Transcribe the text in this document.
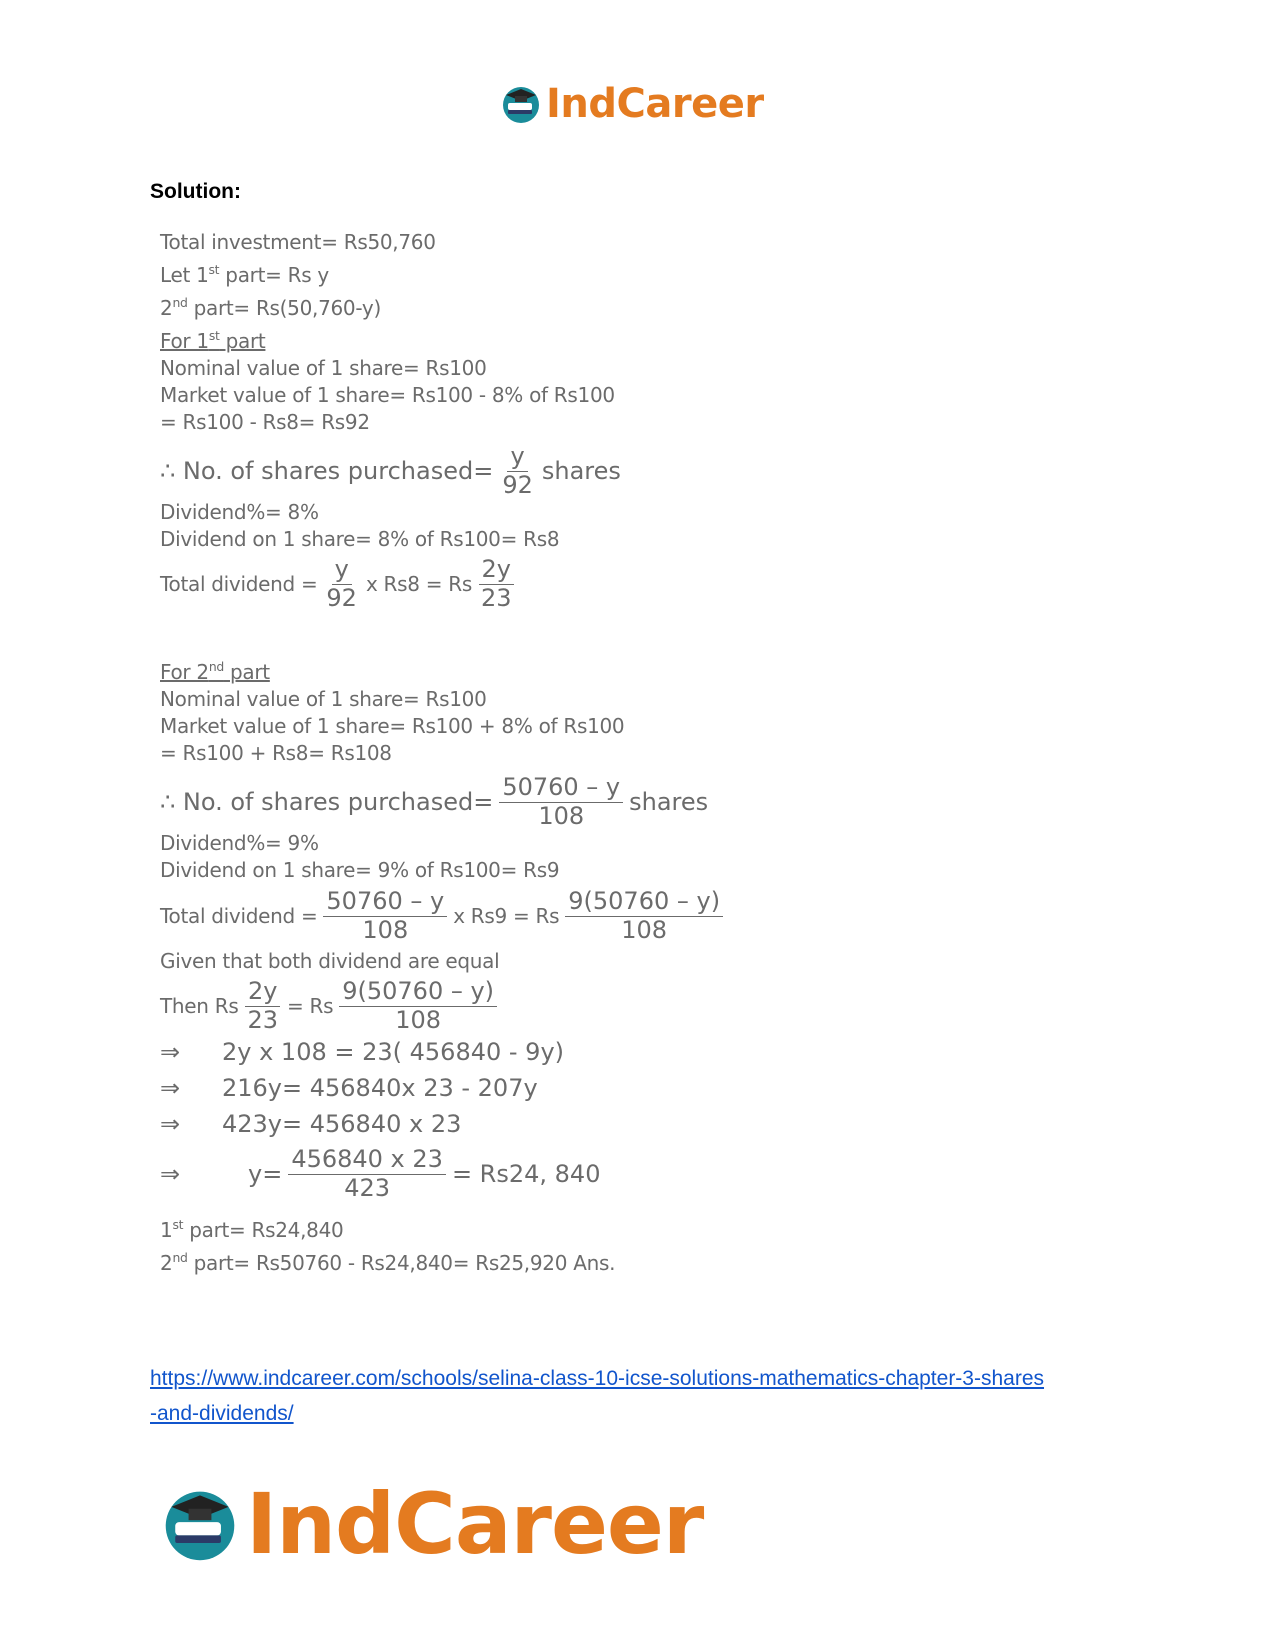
IndCareer
Solution:
Total investment= Rs50,760
Let 1st part= Rs y
2nd part= Rs(50,760-y)
For 1st part
Nominal value of 1 share= Rs100
Market value of 1 share= Rs100 - 8% of Rs100
= Rs100 - Rs8= Rs92
∴ No. of shares purchased= $\frac{y}{92}$ shares
Dividend%= 8%
Dividend on 1 share= 8% of Rs100= Rs8
Total dividend = $\frac{y}{92}$ x Rs8 = Rs $\frac{2y}{23}$
For 2nd part
Nominal value of 1 share= Rs100
Market value of 1 share= Rs100 + 8% of Rs100
= Rs100 + Rs8= Rs108
∴ No. of shares purchased= $\frac{50760 - y}{108}$ shares
Dividend%= 9%
Dividend on 1 share= 9% of Rs100= Rs9
Total dividend = $\frac{50760 - y}{108}$ x Rs9 = Rs $\frac{9(50760 - y)}{108}$
Given that both dividend are equal
Then Rs $\frac{2y}{23} = Rs \frac{9(50760 - y)}{108}$
⇒	2y x 108 = 23( 456840 - 9y)
⇒	216y= 456840x 23 - 207y
⇒	423y= 456840 x 23
⇒	$y= \frac{456840 x 23}{423} = Rs24$, 840
1st part= Rs24,840
2nd part= Rs50760 - Rs24,840= Rs25,920 Ans.
https://www.indcareer.com/schools/selina-class-10-icse-solutions-mathematics-chapter-3-shares
-and-dividends/
IndCareer
